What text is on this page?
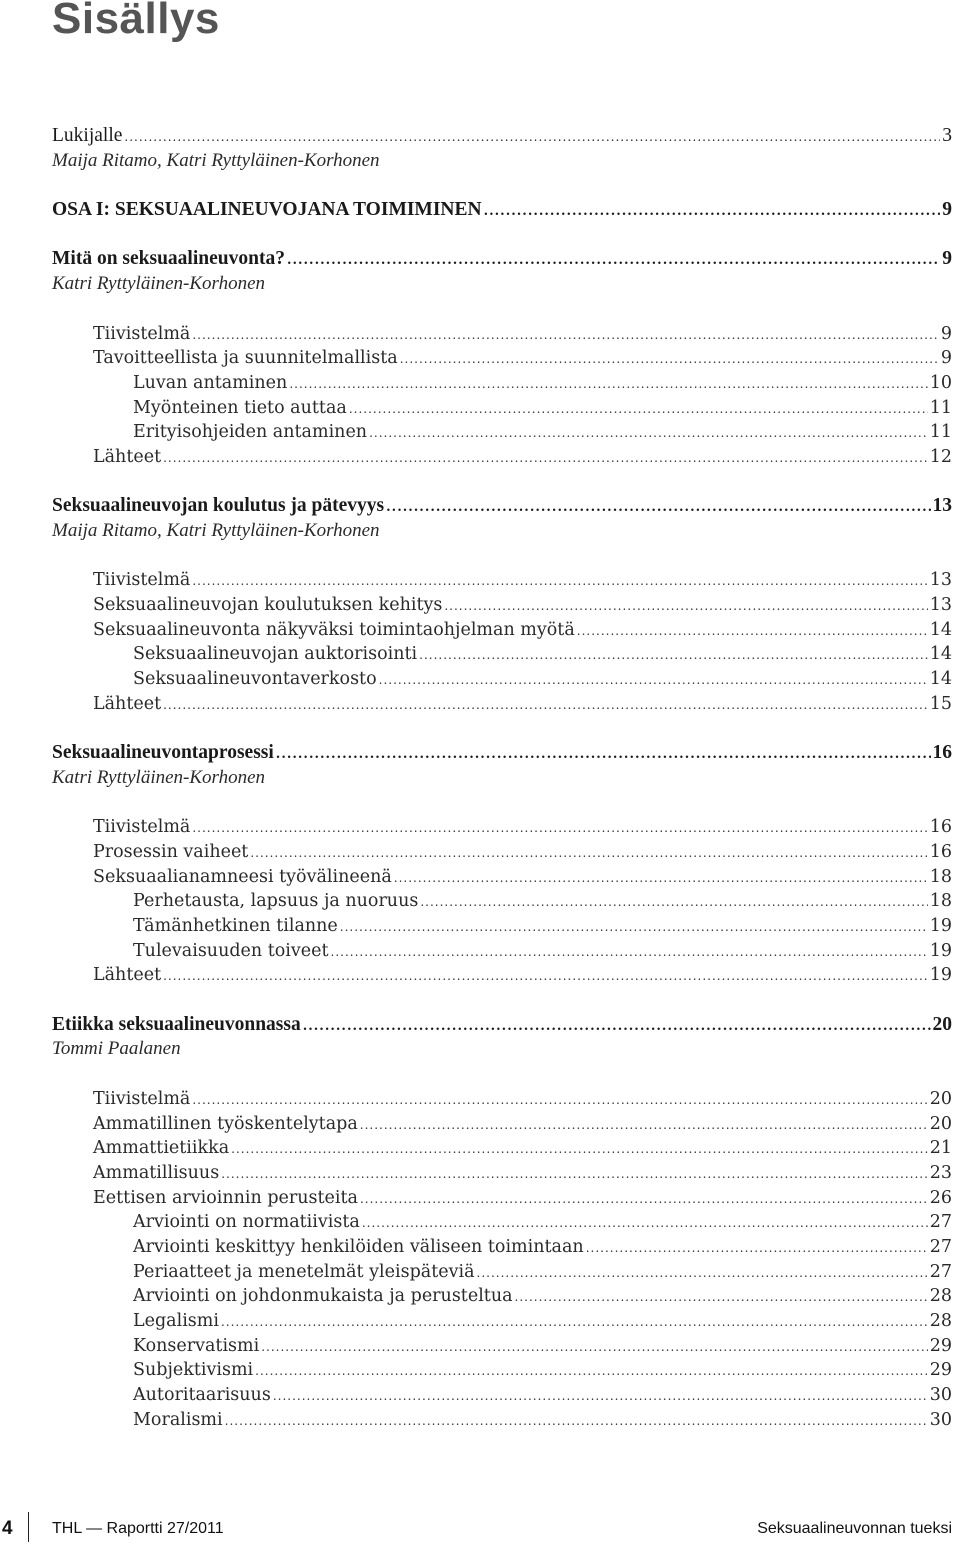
Sisällys
Lukijalle .....	3
Maija Ritamo, Katri Ryttyläinen-Korhonen
OSA I: SEKSUAALINEUVOJANA TOIMIMINEN .....	9
Mitä on seksuaalineuvonta? .....	9
Katri Ryttyläinen-Korhonen
Tiivistelmä .....	9
Tavoitteellista ja suunnitelmallista .....	9
Luvan antaminen .....	10
Myönteinen tieto auttaa .....	11
Erityisohjeiden antaminen .....	11
Lähteet .....	12
Seksuaalineuvojan koulutus ja pätevyys .....	13
Maija Ritamo, Katri Ryttyläinen-Korhonen
Tiivistelmä .....	13
Seksuaalineuvojan koulutuksen kehitys .....	13
Seksuaalineuvonta näkyväksi toimintaohjelman myötä .....	14
Seksuaalineuvojan auktorisointi .....	14
Seksuaalineuvontaverkosto .....	14
Lähteet .....	15
Seksuaalineuvontaprosessi .....	16
Katri Ryttyläinen-Korhonen
Tiivistelmä .....	16
Prosessin vaiheet .....	16
Seksuaalianamneesi työvälineenä .....	18
Perhetausta, lapsuus ja nuoruus .....	18
Tämänhetkinen tilanne .....	19
Tulevaisuuden toiveet .....	19
Lähteet .....	19
Etiikka seksuaalineuvonnassa .....	20
Tommi Paalanen
Tiivistelmä .....	20
Ammatillinen työskentelytapa .....	20
Ammattietiikka .....	21
Ammatillisuus .....	23
Eettisen arvioinnin perusteita .....	26
Arviointi on normatiivista .....	27
Arviointi keskittyy henkilöiden väliseen toimintaan .....	27
Periaatteet ja menetelmät yleispäteviä .....	27
Arviointi on johdonmukaista ja perusteltua .....	28
Legalismi .....	28
Konservatismi .....	29
Subjektivismi .....	29
Autoritaarisuus .....	30
Moralismi .....	30
4 THL — Raportti 27/2011	Seksuaalineuvonnan tueksi
